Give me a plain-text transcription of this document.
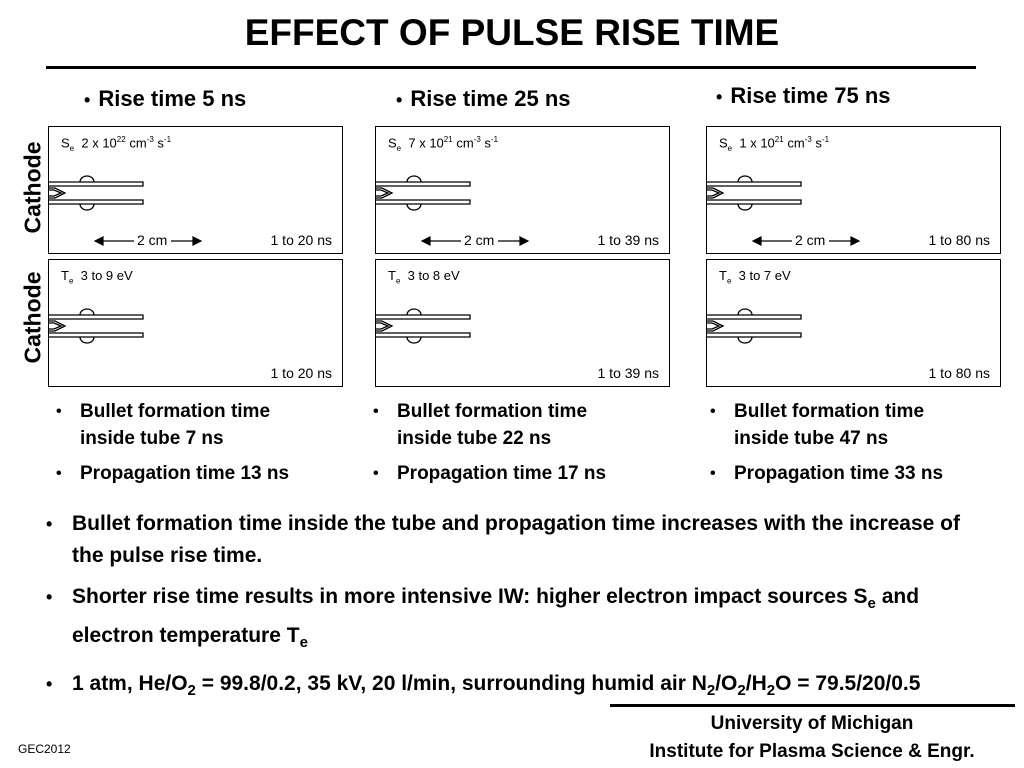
EFFECT OF PULSE RISE TIME
• Rise time 5 ns	• Rise time 25 ns	• Rise time 75 ns
Cathode
Cathode
$S_e$ 2 x $10^{22}$ $cm^{-3}$ $s^{-1}$
2 cm	1 to 20 ns
$T_e$ 3 to 9 eV
1 to 20 ns
$S_e$ 7 x $10^{21}$ $cm^{-3}$ $s^{-1}$
2 cm	1 to 39 ns
$T_e$ 3 to 8 eV
1 to 39 ns
$S_e$ 1 x $10^{21}$ $cm^{-3}$ $s^{-1}$
2 cm	1 to 80 ns
$T_e$ 3 to 7 eV
1 to 80 ns
• Bullet formation time inside tube 7 ns
• Propagation time 13 ns
• Bullet formation time inside tube 22 ns
• Propagation time 17 ns
• Bullet formation time inside tube 47 ns
• Propagation time 33 ns
• Bullet formation time inside the tube and propagation time increases with the increase of the pulse rise time.
• Shorter rise time results in more intensive IW: higher electron impact sources $S_e$ and electron temperature $T_e$
• 1 atm, $He/O_2 = 99.8/0.2$, 35 kV, 20 l/min, surrounding humid air $N_2/O_2/H_2O = 79.5/20/0.5$
University of Michigan
Institute for Plasma Science & Engr.
GEC2012
